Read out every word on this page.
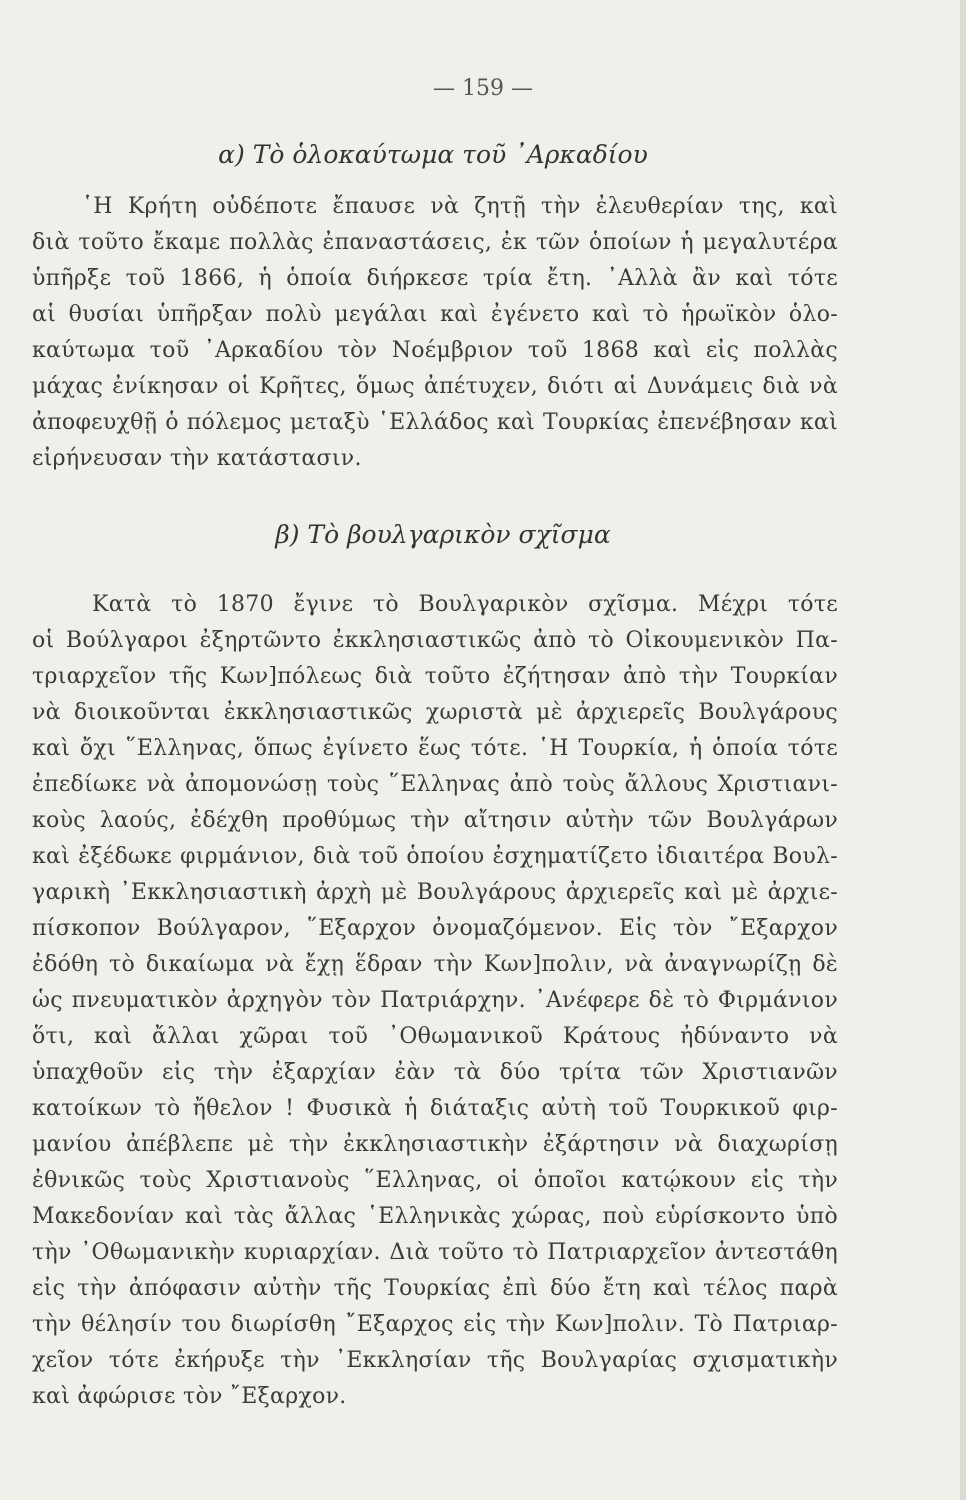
— 159 —
α) Τὸ ὁλοκαύτωμα τοῦ ᾿Αρκαδίου
῾Η Κρήτη οὐδέποτε ἔπαυσε νὰ ζητῇ τὴν ἐλευθερίαν της, καὶ
διὰ τοῦτο ἔκαμε πολλὰς ἐπαναστάσεις, ἐκ τῶν ὁποίων ἡ μεγαλυτέρα
ὑπῆρξε τοῦ 1866, ἡ ὁποία διήρκεσε τρία ἔτη. ᾿Αλλὰ ἂν καὶ τότε
αἱ θυσίαι ὑπῆρξαν πολὺ μεγάλαι καὶ ἐγένετο καὶ τὸ ἡρωϊκὸν ὁλο-
καύτωμα τοῦ ᾿Αρκαδίου τὸν Νοέμβριον τοῦ 1868 καὶ εἰς πολλὰς
μάχας ἐνίκησαν οἱ Κρῆτες, ὅμως ἀπέτυχεν, διότι αἱ Δυνάμεις διὰ νὰ
ἀποφευχθῇ ὁ πόλεμος μεταξὺ ῾Ελλάδος καὶ Τουρκίας ἐπενέβησαν καὶ
εἰρήνευσαν τὴν κατάστασιν.
β) Τὸ βουλγαρικὸν σχῖσμα
Κατὰ τὸ 1870 ἔγινε τὸ Βουλγαρικὸν σχῖσμα. Μέχρι τότε
οἱ Βούλγαροι ἐξηρτῶντο ἐκκλησιαστικῶς ἀπὸ τὸ Οἰκουμενικὸν Πα-
τριαρχεῖον τῆς Κων]πόλεως διὰ τοῦτο ἐζήτησαν ἀπὸ τὴν Τουρκίαν
νὰ διοικοῦνται ἐκκλησιαστικῶς χωριστὰ μὲ ἀρχιερεῖς Βουλγάρους
καὶ ὄχι ῞Ελληνας, ὅπως ἐγίνετο ἕως τότε. ῾Η Τουρκία, ἡ ὁποία τότε
ἐπεδίωκε νὰ ἀπομονώσῃ τοὺς ῞Ελληνας ἀπὸ τοὺς ἄλλους Χριστιανι-
κοὺς λαούς, ἐδέχθη προθύμως τὴν αἴτησιν αὐτὴν τῶν Βουλγάρων
καὶ ἐξέδωκε φιρμάνιον, διὰ τοῦ ὁποίου ἐσχηματίζετο ἰδιαιτέρα Βουλ-
γαρικὴ ᾿Εκκλησιαστικὴ ἀρχὴ μὲ Βουλγάρους ἀρχιερεῖς καὶ μὲ ἀρχιε-
πίσκοπον Βούλγαρον, ῞Εξαρχον ὀνομαζόμενον. Εἰς τὸν ῎Εξαρχον
ἐδόθη τὸ δικαίωμα νὰ ἔχῃ ἕδραν τὴν Κων]πολιν, νὰ ἀναγνωρίζῃ δὲ
ὡς πνευματικὸν ἀρχηγὸν τὸν Πατριάρχην. ᾿Ανέφερε δὲ τὸ Φιρμάνιον
ὅτι, καὶ ἄλλαι χῶραι τοῦ ᾿Οθωμανικοῦ Κράτους ἠδύναντο νὰ
ὑπαχθοῦν εἰς τὴν ἐξαρχίαν ἐὰν τὰ δύο τρίτα τῶν Χριστιανῶν
κατοίκων τὸ ἤθελον ! Φυσικὰ ἡ διάταξις αὐτὴ τοῦ Τουρκικοῦ φιρ-
μανίου ἀπέβλεπε μὲ τὴν ἐκκλησιαστικὴν ἐξάρτησιν νὰ διαχωρίσῃ
ἐθνικῶς τοὺς Χριστιανοὺς ῞Ελληνας, οἱ ὁποῖοι κατῴκουν εἰς τὴν
Μακεδονίαν καὶ τὰς ἄλλας ῾Ελληνικὰς χώρας, ποὺ εὑρίσκοντο ὑπὸ
τὴν ᾿Οθωμανικὴν κυριαρχίαν. Διὰ τοῦτο τὸ Πατριαρχεῖον ἀντεστάθη
εἰς τὴν ἀπόφασιν αὐτὴν τῆς Τουρκίας ἐπὶ δύο ἔτη καὶ τέλος παρὰ
τὴν θέλησίν του διωρίσθη ῎Εξαρχος εἰς τὴν Κων]πολιν. Τὸ Πατριαρ-
χεῖον τότε ἐκήρυξε τὴν ᾿Εκκλησίαν τῆς Βουλγαρίας σχισματικὴν
καὶ ἀφώρισε τὸν ῎Εξαρχον.
